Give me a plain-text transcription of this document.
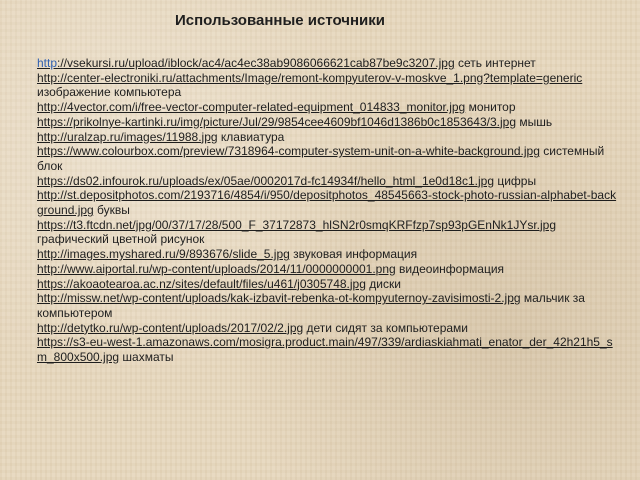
Использованные источники

http://vsekursi.ru/upload/iblock/ac4/ac4ec38ab9086066621cab87be9c3207.jpg сеть интернет

http://center-electroniki.ru/attachments/Image/remont-kompyuterov-v-moskve_1.png?template=generic изображение компьютера

http://4vector.com/i/free-vector-computer-related-equipment_014833_monitor.jpg монитор

https://prikolnye-kartinki.ru/img/picture/Jul/29/9854cee4609bf1046d1386b0c1853643/3.jpg мышь

http://uralzap.ru/images/11988.jpg клавиатура

https://www.colourbox.com/preview/7318964-computer-system-unit-on-a-white-background.jpg системный блок

https://ds02.infourok.ru/uploads/ex/05ae/0002017d-fc14934f/hello_html_1e0d18c1.jpg цифры

http://st.depositphotos.com/2193716/4854/i/950/depositphotos_48545663-stock-photo-russian-alphabet-background.jpg буквы

https://t3.ftcdn.net/jpg/00/37/17/28/500_F_37172873_hlSN2r0smqKRFfzp7sp93pGEnNk1JYsr.jpg графический цветной рисунок

http://images.myshared.ru/9/893676/slide_5.jpg звуковая информация

http://www.aiportal.ru/wp-content/uploads/2014/11/0000000001.png видеоинформация

https://akoaotearoa.ac.nz/sites/default/files/u461/j0305748.jpg диски

http://missw.net/wp-content/uploads/kak-izbavit-rebenka-ot-kompyuternoy-zavisimosti-2.jpg мальчик за компьютером

http://detytko.ru/wp-content/uploads/2017/02/2.jpg дети сидят за компьютерами

https://s3-eu-west-1.amazonaws.com/mosigra.product.main/497/339/ardiaskiahmati_enator_der_42h21h5_sm_800x500.jpg шахматы
